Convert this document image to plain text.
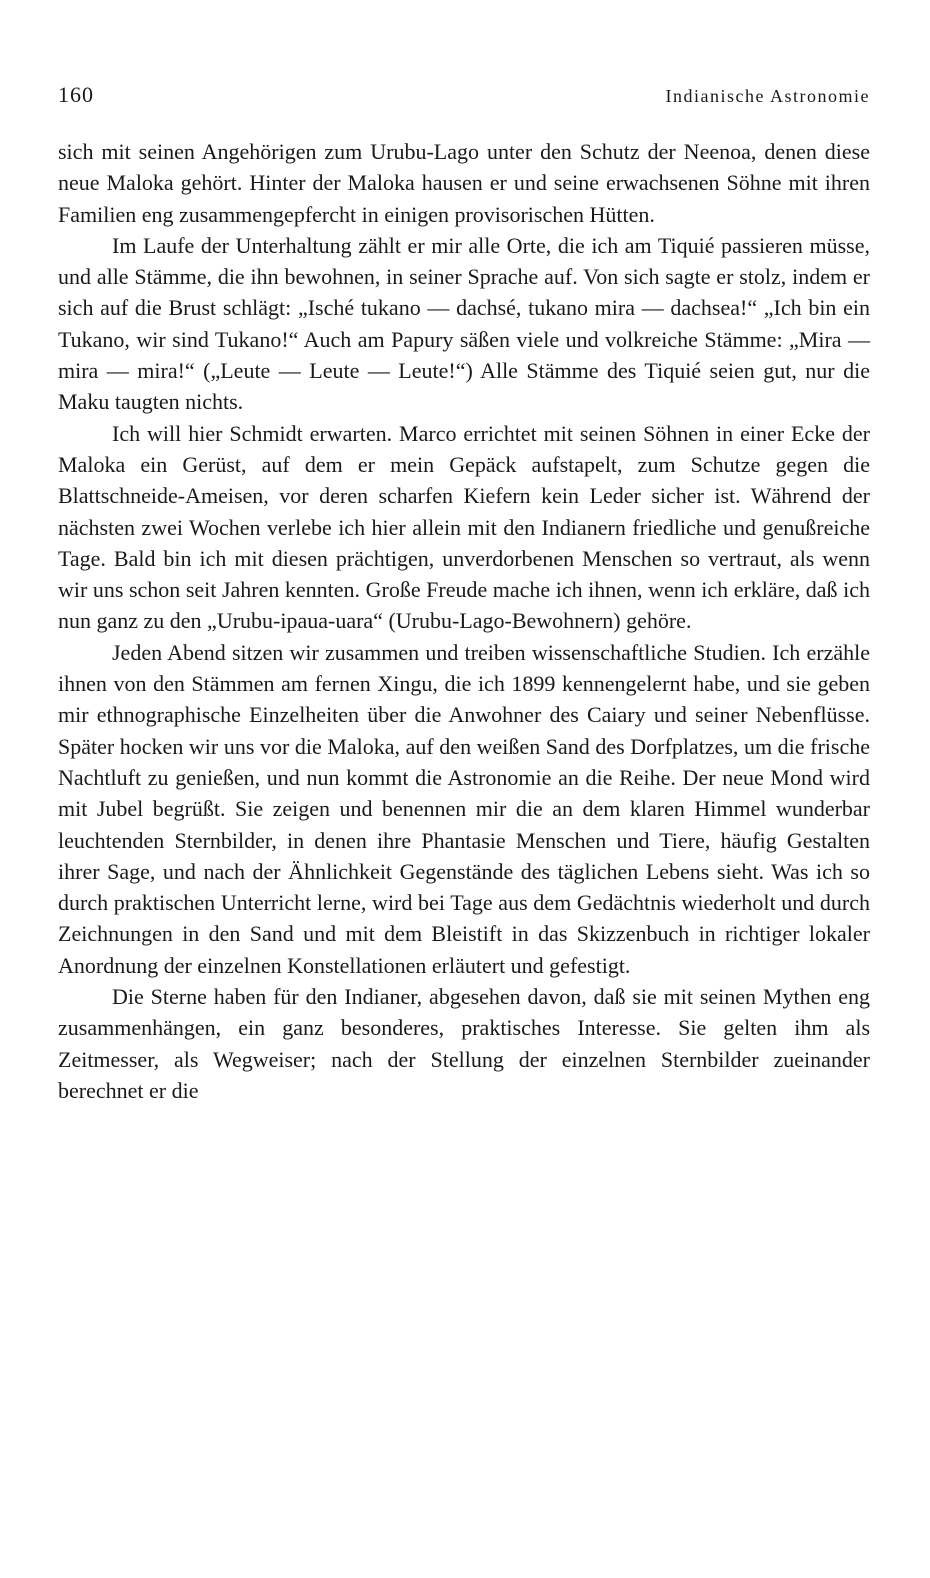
160	Indianische Astronomie

sich mit seinen Angehörigen zum Urubu-Lago unter den Schutz der Neenoa, denen diese neue Maloka gehört. Hinter der Maloka hausen er und seine erwachsenen Söhne mit ihren Familien eng zusammengepfercht in einigen provisorischen Hütten.

Im Laufe der Unterhaltung zählt er mir alle Orte, die ich am Tiquié passieren müsse, und alle Stämme, die ihn bewohnen, in seiner Sprache auf. Von sich sagte er stolz, indem er sich auf die Brust schlägt: „Isché tukano — dachsé, tukano mira — dachsea!“ „Ich bin ein Tukano, wir sind Tukano!“ Auch am Papury säßen viele und volkreiche Stämme: „Mira — mira — mira!“ („Leute — Leute — Leute!“) Alle Stämme des Tiquié seien gut, nur die Maku taugten nichts.

Ich will hier Schmidt erwarten. Marco errichtet mit seinen Söhnen in einer Ecke der Maloka ein Gerüst, auf dem er mein Gepäck aufstapelt, zum Schutze gegen die Blattschneide-Ameisen, vor deren scharfen Kiefern kein Leder sicher ist. Während der nächsten zwei Wochen verlebe ich hier allein mit den Indianern friedliche und genußreiche Tage. Bald bin ich mit diesen prächtigen, unverdorbenen Menschen so vertraut, als wenn wir uns schon seit Jahren kennten. Große Freude mache ich ihnen, wenn ich erkläre, daß ich nun ganz zu den „Urubu-ipaua-uara“ (Urubu-Lago-Bewohnern) gehöre.

Jeden Abend sitzen wir zusammen und treiben wissenschaftliche Studien. Ich erzähle ihnen von den Stämmen am fernen Xingu, die ich 1899 kennengelernt habe, und sie geben mir ethnographische Einzelheiten über die Anwohner des Caiary und seiner Nebenflüsse. Später hocken wir uns vor die Maloka, auf den weißen Sand des Dorfplatzes, um die frische Nachtluft zu genießen, und nun kommt die Astronomie an die Reihe. Der neue Mond wird mit Jubel begrüßt. Sie zeigen und benennen mir die an dem klaren Himmel wunderbar leuchtenden Sternbilder, in denen ihre Phantasie Menschen und Tiere, häufig Gestalten ihrer Sage, und nach der Ähnlichkeit Gegenstände des täglichen Lebens sieht. Was ich so durch praktischen Unterricht lerne, wird bei Tage aus dem Gedächtnis wiederholt und durch Zeichnungen in den Sand und mit dem Bleistift in das Skizzenbuch in richtiger lokaler Anordnung der einzelnen Konstellationen erläutert und gefestigt.

Die Sterne haben für den Indianer, abgesehen davon, daß sie mit seinen Mythen eng zusammenhängen, ein ganz besonderes, praktisches Interesse. Sie gelten ihm als Zeitmesser, als Wegweiser; nach der Stellung der einzelnen Sternbilder zueinander berechnet er die
